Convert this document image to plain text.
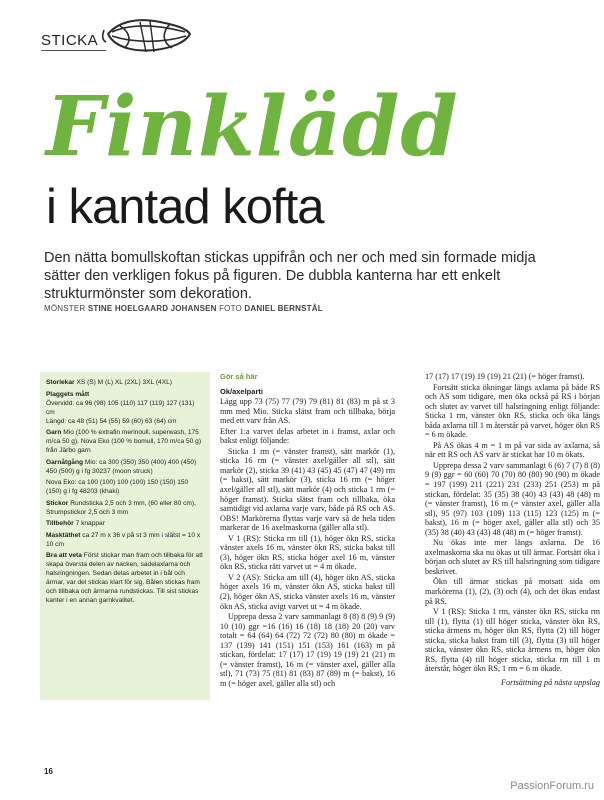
STICKA
Finklädd
i kantad kofta
Den nätta bomullskoftan stickas uppifrån och ner och med sin formade midja sätter den verkligen fokus på figuren. De dubbla kanterna har ett enkelt strukturmönster som dekoration.
MÖNSTER STINE HOELGAARD JOHANSEN FOTO DANIEL BERNSTÅL

Storlekar XS (S) M (L) XL (2XL) 3XL (4XL)

Plaggets mått
Övervidd: ca 96 (98) 105 (110) 117 (119) 127 (131) cm
Längd: ca 48 (51) 54 (55) 59 (60) 63 (64) cm

Garn Mio (100 % extrafin merinoull, superwash, 175 m/ca 50 g). Nova Eko (100 % bomull, 170 m/ca 50 g) från Järbo garn

Garnåtgång Mio: ca 300 (350) 350 (400) 400 (450) 450 (500) g i fg 30237 (moon struck)

Nova Eko: ca 100 (100) 100 (100) 150 (150) 150 (150) g i fg 48203 (khaki)

Stickor Rundsticka 2,5 och 3 mm, (60 eller 80 cm), Strumpstickor 2,5 och 3 mm

Tillbehör 7 knappar

Masktäthet ca 27 m x 36 v på st 3 mm i slätst = 10 x 10 cm

Bra att veta Först stickar man fram och tillbaka för att skapa översta delen av nacken, sadelaxlarna och halsringningen. Sedan delas arbetet in i bål och ärmar, var del stickas klart för sig. Bålen stickas fram och tillbaka och ärmarna rundstickas. Till sist stickas kanter i en annan garnkvalitet.

Gör så här
Ok/axelparti

Lägg upp 73 (75) 77 (79) 79 (81) 81 (83) m på st 3 mm med Mio. Sticka slätst fram och tillbaka, börja med ett varv från AS.

Efter 1:a varvet delas arbetet in i framst, axlar och bakst enligt följande:

Sticka 1 rm (= vänster framst), sätt markör (1), sticka 16 rm (= vänster axel/gäller all stl), sätt markör (2), sticka 39 (41) 43 (45) 45 (47) 47 (49) rm (= bakst), sätt markör (3), sticka 16 rm (= höger axel/gäller all stl), sätt markör (4) och sticka 1 rm (= höger framst). Sticka slätst fram och tillbaka, öka samtidigt vid axlarna varje varv, både på RS och AS. OBS! Markörerna flyttas varje varv så de hela tiden markerar de 16 axelmaskorna (gäller alla stl).

V 1 (RS): Sticka rm till (1), höger ökn RS, sticka vänster axels 16 m, vänster ökn RS, sticka bakst till (3), höger ökn RS, sticka höger axel 16 m, vänster ökn RS, sticka rätt varvet ut = 4 m ökade.

V 2 (AS): Sticka am till (4), höger ökn AS, sticka höger axels 16 m, vänster ökn AS, sticka bakst till (2), höger ökn AS, sticka vänster axels 16 m, vänster ökn AS, sticka avigt varvet ut = 4 m ökade.

Upprepa dessa 2 varv sammanlagt 8 (8) 8 (9) 9 (9) 10 (10) ggr =16 (16) 16 (18) 18 (18) 20 (20) varv totalt = 64 (64) 64 (72) 72 (72) 80 (80) m ökade = 137 (139) 141 (151) 151 (153) 161 (163) m på stickan, fördelat: 17 (17) 17 (19) 19 (19) 21 (21) m (= vänster framst), 16 m (= vänster axel, gäller alla stl), 71 (73) 75 (81) 81 (83) 87 (89) m (= bakst), 16 m (= höger axel, gäller alla stl) och

17 (17) 17 (19) 19 (19) 21 (21) (= höger framst).

Fortsätt sticka ökningar längs axlarna på både RS och AS som tidigare, men öka också på RS i början och slutet av varvet till halsringning enligt följande: Sticka 1 rm, vänster ökn RS, sticka och öka längs båda axlarna till 1 m återstår på varvet, höger ökn RS = 6 m ökade.

På AS ökas 4 m = 1 m på var sida av axlarna, så när ett RS och AS varv är stickat har 10 m ökats.

Upprepa dessa 2 varv sammanlagt 6 (6) 7 (7) 8 (8) 9 (9) ggr = 60 (60) 70 (70) 80 (80) 90 (90) m ökade = 197 (199) 211 (221) 231 (233) 251 (253) m på stickan, fördelat: 35 (35) 38 (40) 43 (43) 48 (48) m (= vänster framst), 16 m (= vänster axel, gäller alla stl), 95 (97) 103 (109) 113 (115) 123 (125) m (= bakst), 16 m (= höger axel, gäller alla stl) och 35 (35) 38 (40) 43 (43) 48 (48) m (= höger framst).

Nu ökas inte mer längs axlarna. De 16 axelmaskorna ska nu ökas ut till ärmar. Fortsätt öka i början och slutet av RS till halsringning som tidigare beskrivet.

Ökn till ärmar stickas på motsatt sida om markörerna (1), (2), (3) och (4), och det ökas endast på RS.

V 1 (RS): Sticka 1 rm, vänster ökn RS, sticka rm till (1), flytta (1) till höger sticka, vänster ökn RS, sticka ärmens m, höger ökn RS, flytta (2) till höger sticka, sticka bakst fram till (3), flytta (3) till höger sticka, vänster ökn RS, sticka ärmens m, höger ökn RS, flytta (4) till höger sticka, sticka rm till 1 m återstår, höger ökn RS, 1 rm = 6 m ökade.

Fortsättning på nästa uppslag
16
PassionForum.ru
